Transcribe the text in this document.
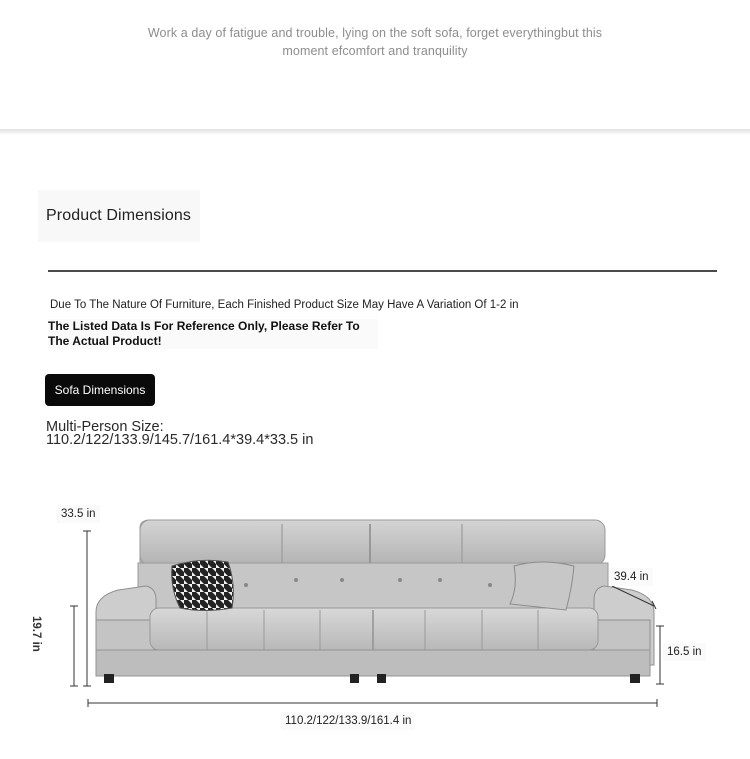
Work a day of fatigue and trouble, lying on the soft sofa, forget everythingbut this
moment efcomfort and tranquility
Product Dimensions
Due To The Nature Of Furniture, Each Finished Product Size May Have A Variation Of 1-2 in
The Listed Data Is For Reference Only, Please Refer To
The Actual Product!
Sofa Dimensions
Multi-Person Size:
110.2/122/133.9/145.7/161.4*39.4*33.5 in
33.5 in
39.4 in
19.7 in
16.5 in
110.2/122/133.9/161.4 in
